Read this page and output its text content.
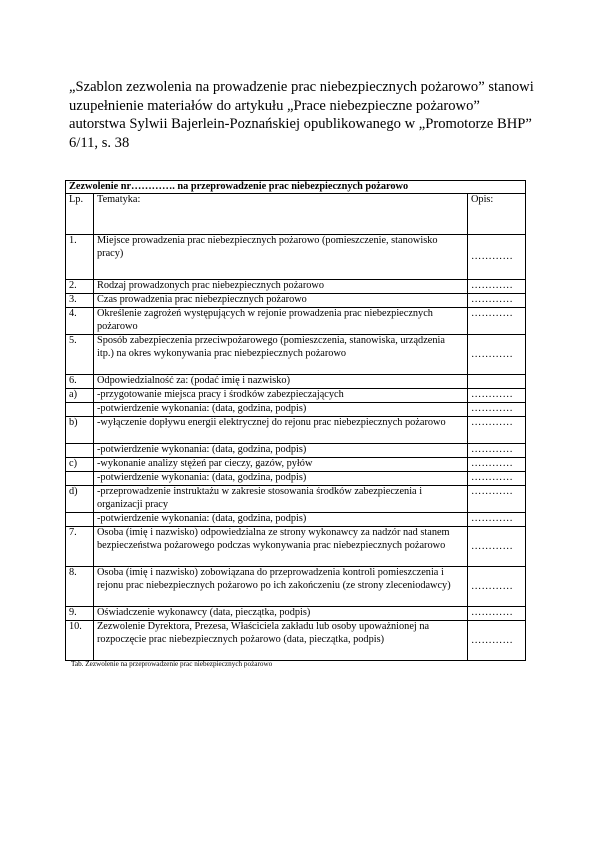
„Szablon zezwolenia na prowadzenie prac niebezpiecznych pożarowo” stanowi uzupełnienie materiałów do artykułu „Prace niebezpieczne pożarowo” autorstwa Sylwii Bajerlein-Poznańskiej opublikowanego w „Promotorze BHP” 6/11, s. 38
Zezwolenie nr…………. na przeprowadzenie prac niebezpiecznych pożarowo		
Lp.	Tematyka:	Opis:
1.	Miejsce prowadzenia prac niebezpiecznych pożarowo (pomieszczenie, stanowisko pracy)	…………
2.	Rodzaj prowadzonych prac niebezpiecznych pożarowo	…………
3.	Czas prowadzenia prac niebezpiecznych pożarowo	…………
4.	Określenie zagrożeń występujących w rejonie prowadzenia prac niebezpiecznych pożarowo	…………
5.	Sposób zabezpieczenia przeciwpożarowego (pomieszczenia, stanowiska, urządzenia itp.) na okres wykonywania prac niebezpiecznych pożarowo	…………
6.	Odpowiedzialność za: (podać imię i nazwisko)	
a)	-przygotowanie miejsca pracy i środków zabezpieczających	…………
	-potwierdzenie wykonania: (data, godzina, podpis)	…………
b)	-wyłączenie dopływu energii elektrycznej do rejonu prac niebezpiecznych pożarowo	…………
	-potwierdzenie wykonania: (data, godzina, podpis)	…………
c)	-wykonanie analizy stężeń par cieczy, gazów, pyłów	…………
	-potwierdzenie wykonania: (data, godzina, podpis)	…………
d)	-przeprowadzenie instruktażu w zakresie stosowania środków zabezpieczenia i organizacji pracy	…………
	-potwierdzenie wykonania: (data, godzina, podpis)	…………
7.	Osoba (imię i nazwisko) odpowiedzialna ze strony wykonawcy za nadzór nad stanem bezpieczeństwa pożarowego podczas wykonywania prac niebezpiecznych pożarowo	…………
8.	Osoba (imię i nazwisko) zobowiązana do przeprowadzenia kontroli pomieszczenia i rejonu prac niebezpiecznych pożarowo po ich zakończeniu (ze strony zleceniodawcy)	…………
9.	Oświadczenie wykonawcy (data, pieczątka, podpis)	…………
10.	Zezwolenie Dyrektora, Prezesa, Właściciela zakładu lub osoby upoważnionej na rozpoczęcie prac niebezpiecznych pożarowo (data, pieczątka, podpis)	…………
Tab. Zezwolenie na przeprowadzenie prac niebezpiecznych pożarowo
